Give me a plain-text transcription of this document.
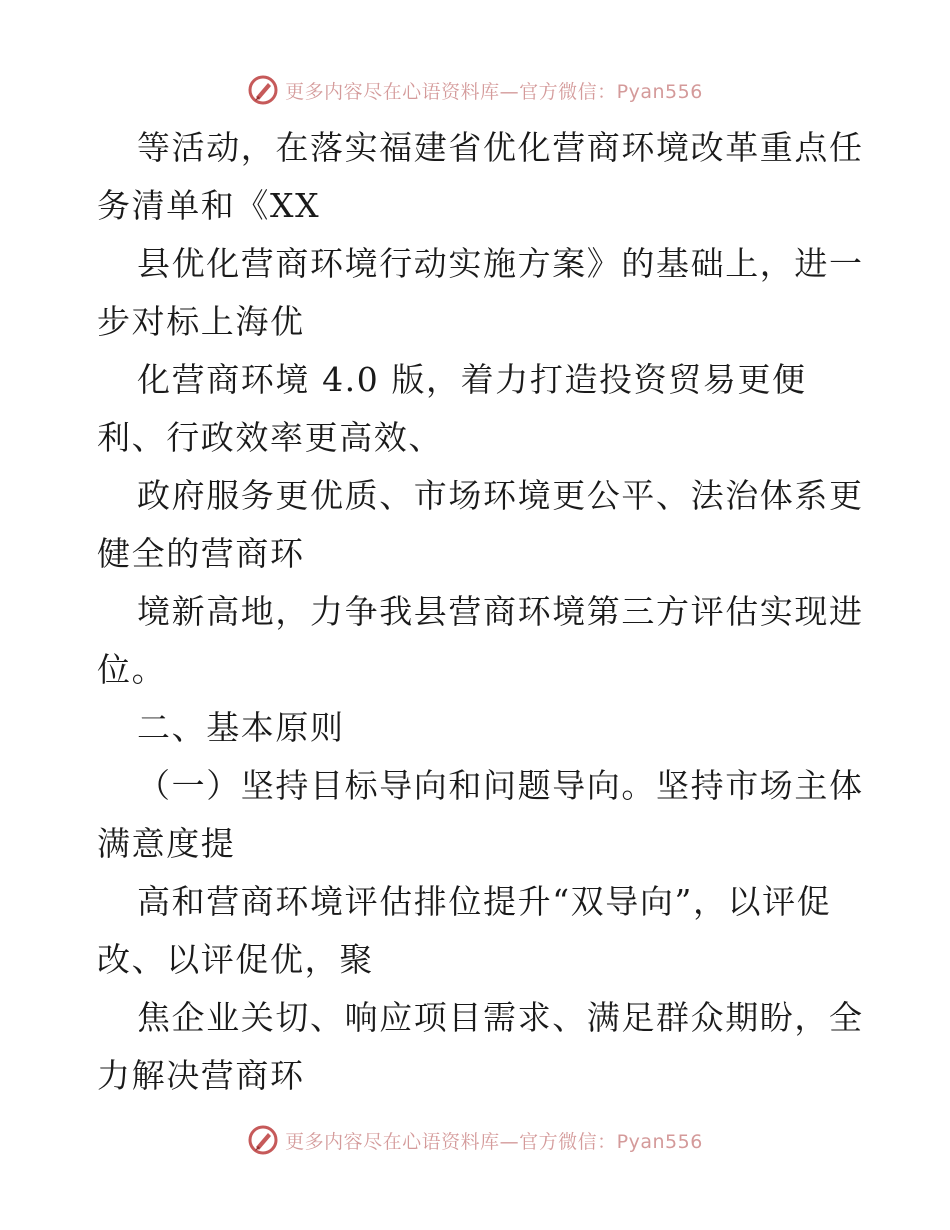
更多内容尽在心语资料库—官方微信：Pyan556
等活动，在落实福建省优化营商环境改革重点任
务清单和《XX
县优化营商环境行动实施方案》的基础上，进一
步对标上海优
化营商环境 4.0 版，着力打造投资贸易更便
利、行政效率更高效、
政府服务更优质、市场环境更公平、法治体系更
健全的营商环
境新高地，力争我县营商环境第三方评估实现进
位。
二、基本原则
（一）坚持目标导向和问题导向。坚持市场主体
满意度提
高和营商环境评估排位提升“双导向”，以评促
改、以评促优，聚
焦企业关切、响应项目需求、满足群众期盼，全
力解决营商环
更多内容尽在心语资料库—官方微信：Pyan556
